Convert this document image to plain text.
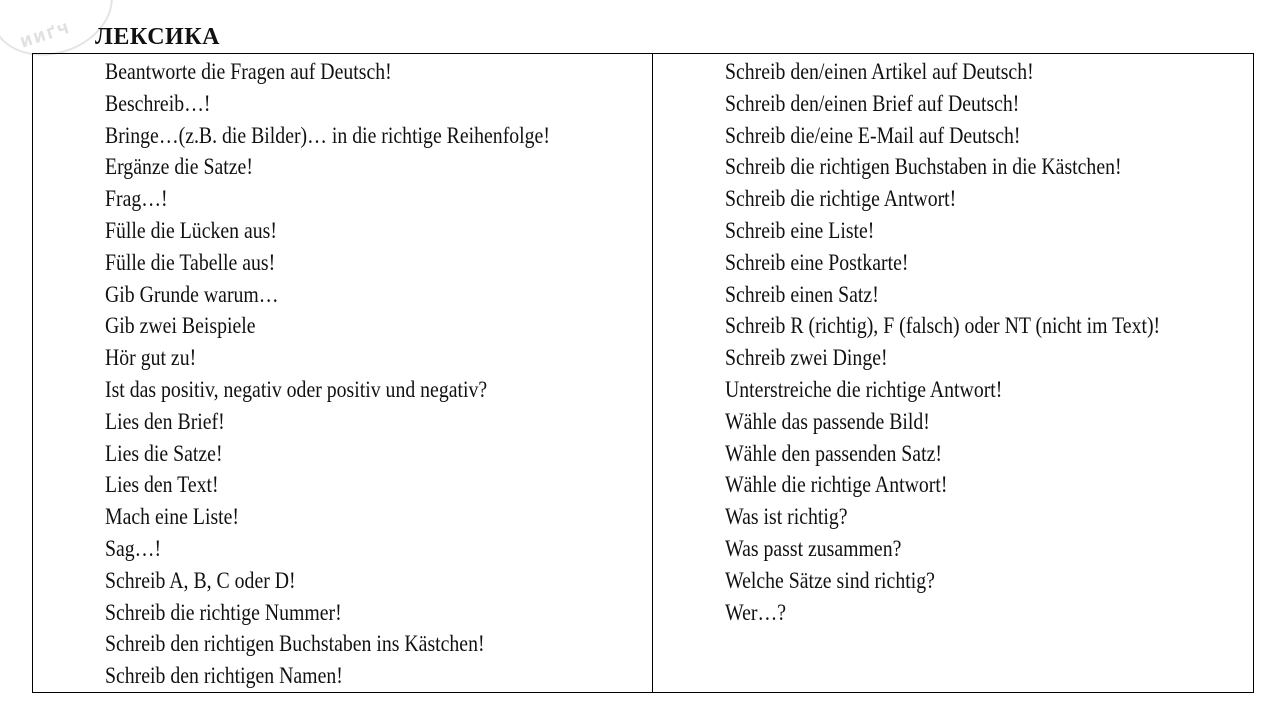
ИИҐЧ ЛЕКСИКА
Beantworte die Fragen auf Deutsch!
Beschreib…!
Bringe…(z.B. die Bilder)… in die richtige Reihenfolge!
Ergänze die Satze!
Frag…!
Fülle die Lücken aus!
Fülle die Tabelle aus!
Gib Grunde warum…
Gib zwei Beispiele
Hör gut zu!
Ist das positiv, negativ oder positiv und negativ?
Lies den Brief!
Lies die Satze!
Lies den Text!
Mach eine Liste!
Sag…!
Schreib A, B, C oder D!
Schreib die richtige Nummer!
Schreib den richtigen Buchstaben ins Kästchen!
Schreib den richtigen Namen!
Schreib den/einen Artikel auf Deutsch!
Schreib den/einen Brief auf Deutsch!
Schreib die/eine E-Mail auf Deutsch!
Schreib die richtigen Buchstaben in die Kästchen!
Schreib die richtige Antwort!
Schreib eine Liste!
Schreib eine Postkarte!
Schreib einen Satz!
Schreib R (richtig), F (falsch) oder NT (nicht im Text)!
Schreib zwei Dinge!
Unterstreiche die richtige Antwort!
Wähle das passende Bild!
Wähle den passenden Satz!
Wähle die richtige Antwort!
Was ist richtig?
Was passt zusammen?
Welche Sätze sind richtig?
Wer…?
